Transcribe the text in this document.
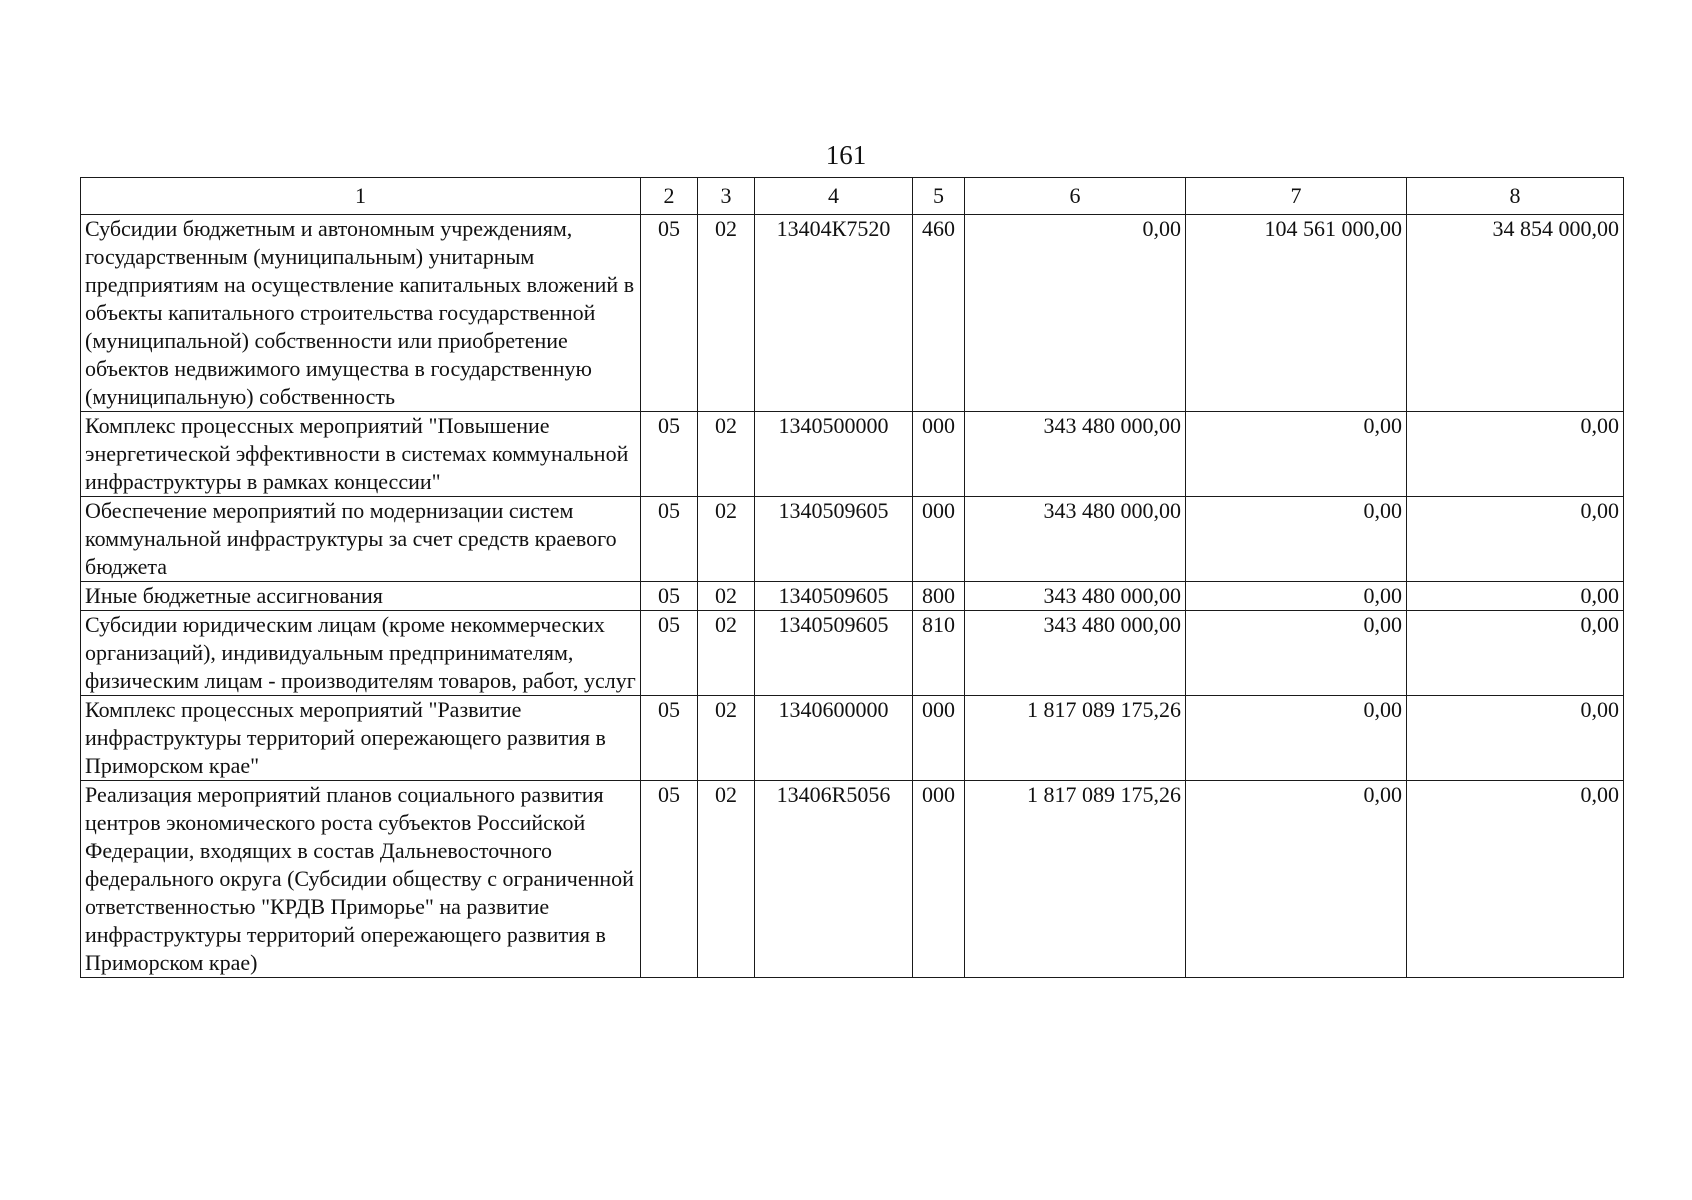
161
1	2	3	4	5	6	7	8
Субсидии бюджетным и автономным учреждениям, государственным (муниципальным) унитарным предприятиям на осуществление капитальных вложений в объекты капитального строительства государственной (муниципальной) собственности или приобретение объектов недвижимого имущества в государственную (муниципальную) собственность	05	02	13404К7520	460	0,00	104 561 000,00	34 854 000,00
Комплекс процессных мероприятий "Повышение энергетической эффективности в системах коммунальной инфраструктуры в рамках концессии"	05	02	1340500000	000	343 480 000,00	0,00	0,00
Обеспечение мероприятий по модернизации систем коммунальной инфраструктуры за счет средств краевого бюджета	05	02	1340509605	000	343 480 000,00	0,00	0,00
Иные бюджетные ассигнования	05	02	1340509605	800	343 480 000,00	0,00	0,00
Субсидии юридическим лицам (кроме некоммерческих организаций), индивидуальным предпринимателям, физическим лицам - производителям товаров, работ, услуг	05	02	1340509605	810	343 480 000,00	0,00	0,00
Комплекс процессных мероприятий "Развитие инфраструктуры территорий опережающего развития в Приморском крае"	05	02	1340600000	000	1 817 089 175,26	0,00	0,00
Реализация мероприятий планов социального развития центров экономического роста субъектов Российской Федерации, входящих в состав Дальневосточного федерального округа (Субсидии обществу с ограниченной ответственностью "КРДВ Приморье" на развитие инфраструктуры территорий опережающего развития в Приморском крае)	05	02	13406R5056	000	1 817 089 175,26	0,00	0,00
